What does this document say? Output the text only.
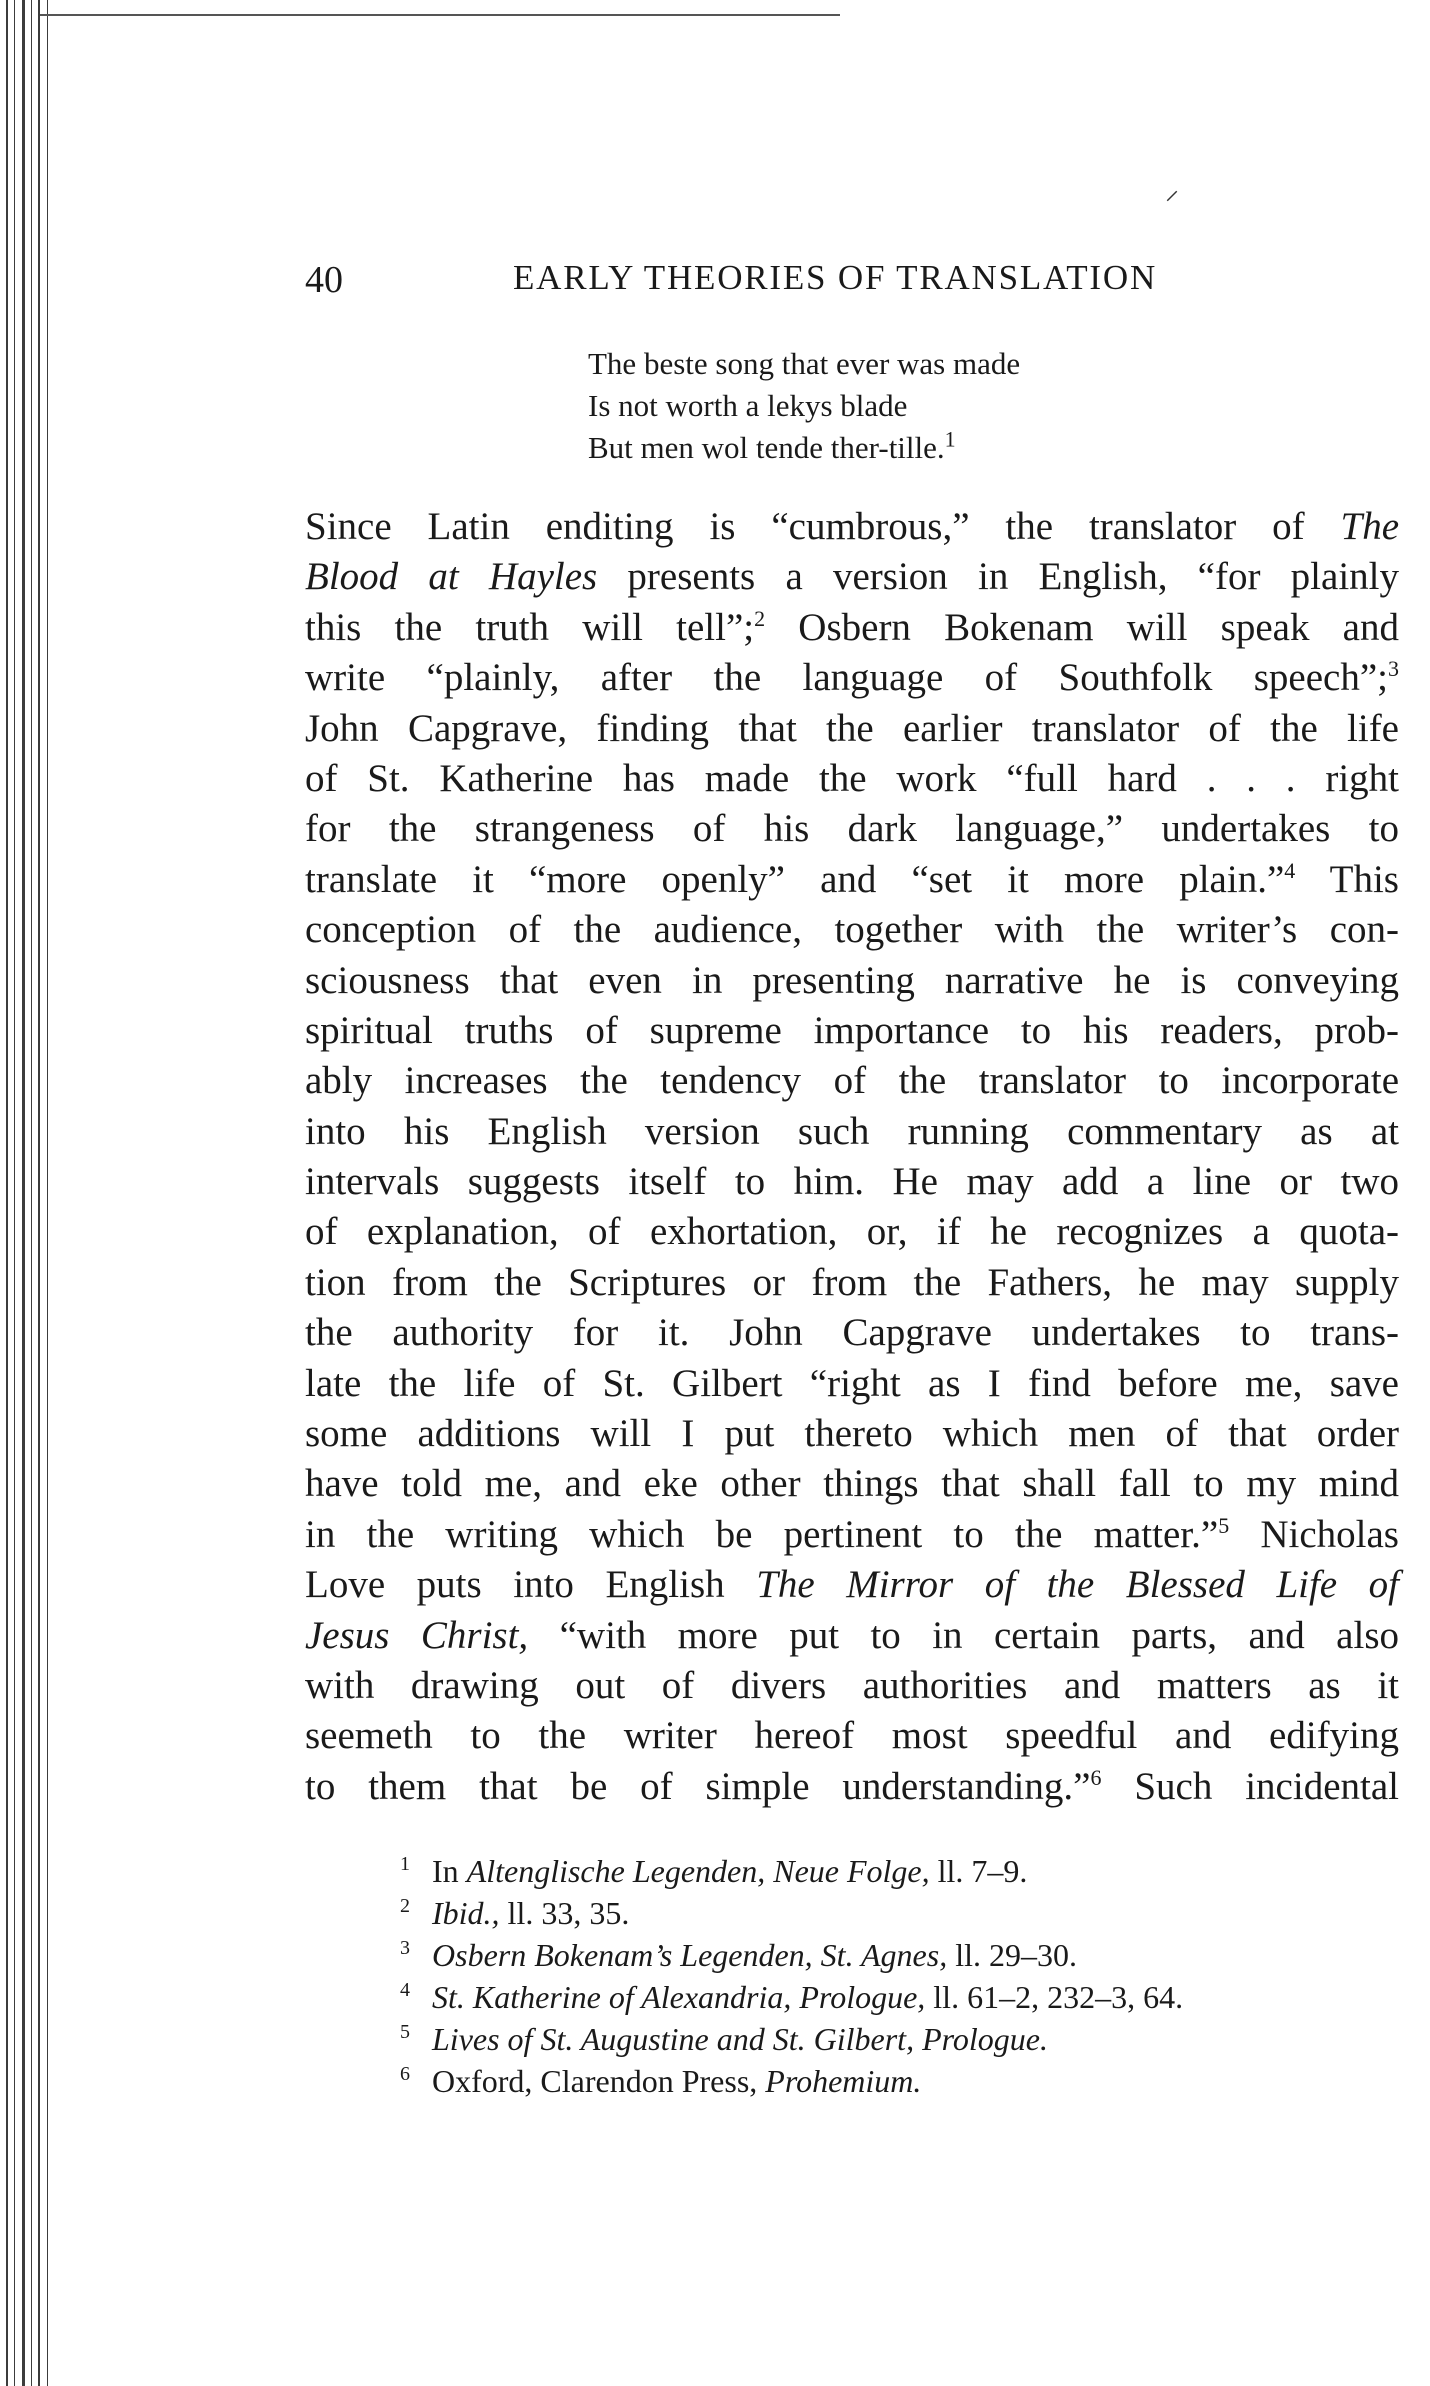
⸝
40	EARLY THEORIES OF TRANSLATION
The beste song that ever was made
Is not worth a lekys blade
But men wol tende ther-tille.$^1$
Since Latin enditing is “cumbrous,” the translator of The
Blood at Hayles presents a version in English, “for plainly
this the truth will tell”;$^2$ Osbern Bokenam will speak and
write “plainly, after the language of Southfolk speech”;$^3$
John Capgrave, finding that the earlier translator of the life
of St. Katherine has made the work “full hard . . . right
for the strangeness of his dark language,” undertakes to
translate it “more openly” and “set it more plain.”$^4$ This
conception of the audience, together with the writer’s con-
sciousness that even in presenting narrative he is conveying
spiritual truths of supreme importance to his readers, prob-
ably increases the tendency of the translator to incorporate
into his English version such running commentary as at
intervals suggests itself to him. He may add a line or two
of explanation, of exhortation, or, if he recognizes a quota-
tion from the Scriptures or from the Fathers, he may supply
the authority for it. John Capgrave undertakes to trans-
late the life of St. Gilbert “right as I find before me, save
some additions will I put thereto which men of that order
have told me, and eke other things that shall fall to my mind
in the writing which be pertinent to the matter.”$^5$ Nicholas
Love puts into English The Mirror of the Blessed Life of
Jesus Christ, “with more put to in certain parts, and also
with drawing out of divers authorities and matters as it
seemeth to the writer hereof most speedful and edifying
to them that be of simple understanding.”$^6$ Such incidental
1 In Altenglische Legenden, Neue Folge, ll. 7–9.
2 Ibid., ll. 33, 35.
3 Osbern Bokenam’s Legenden, St. Agnes, ll. 29–30.
4 St. Katherine of Alexandria, Prologue, ll. 61–2, 232–3, 64.
5 Lives of St. Augustine and St. Gilbert, Prologue.
6 Oxford, Clarendon Press, Prohemium.
